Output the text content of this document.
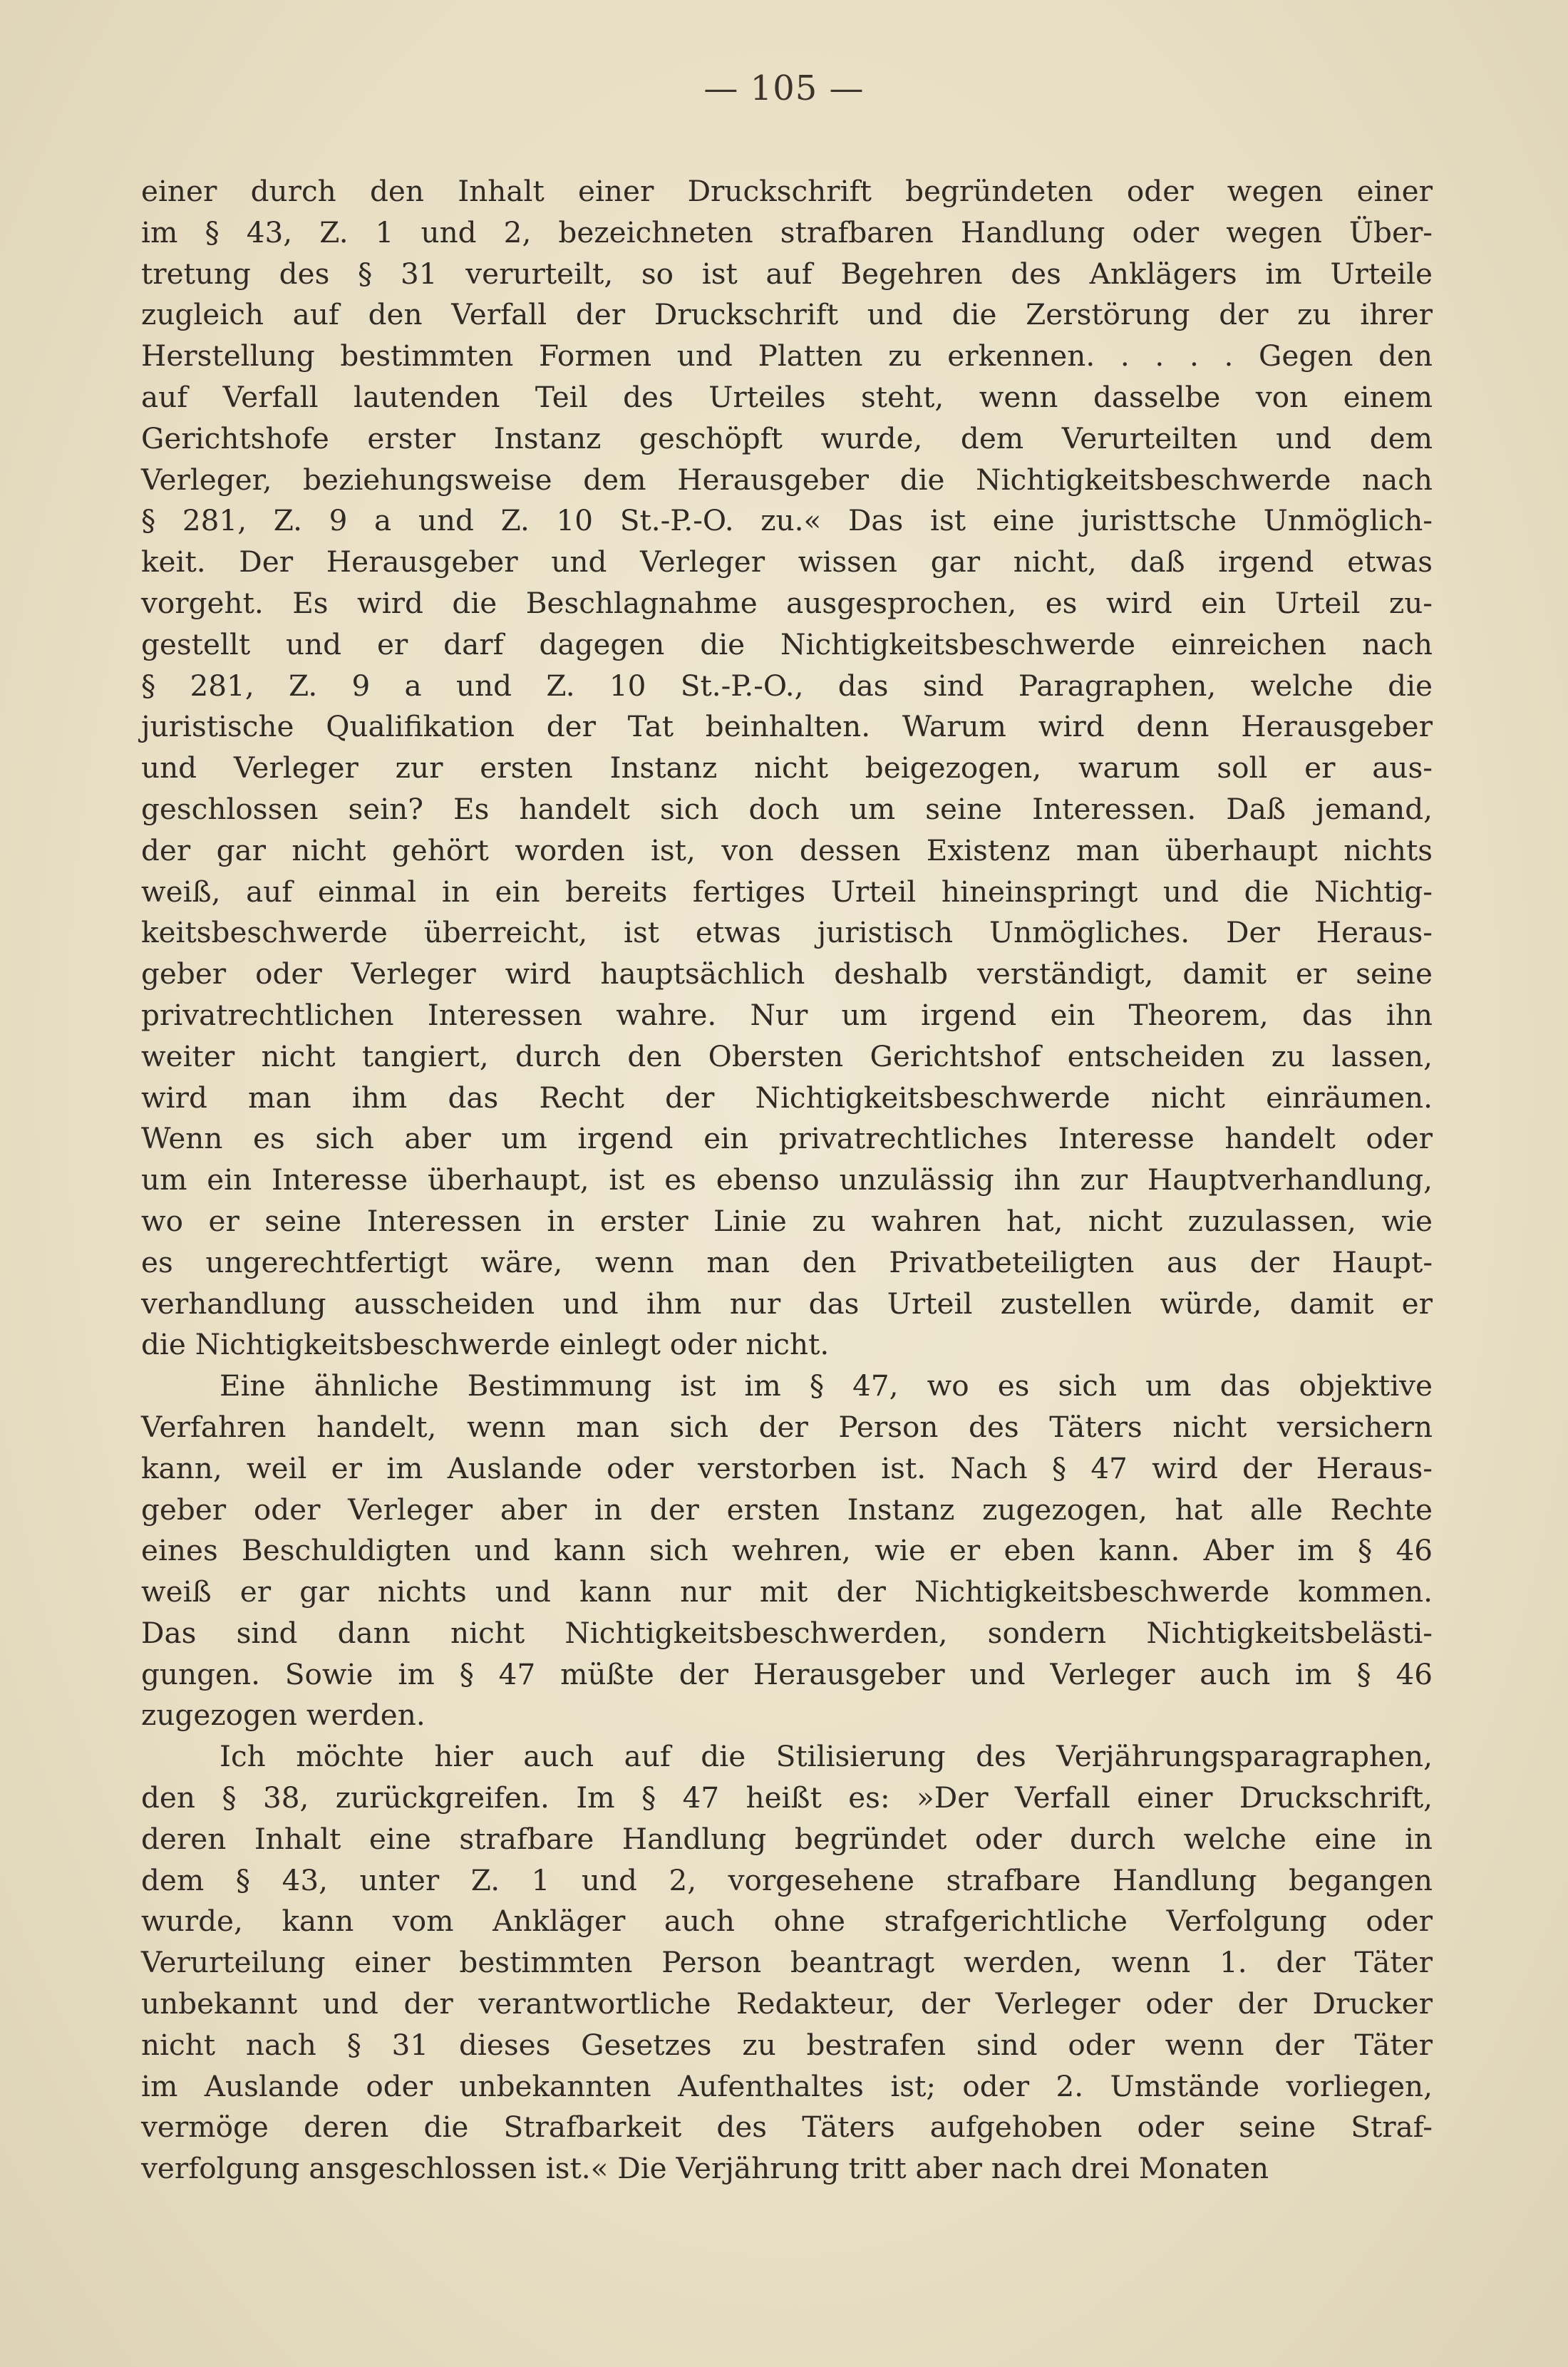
— 105 —
einer durch den Inhalt einer Druckschrift begründeten oder wegen einer
im § 43, Z. 1 und 2, bezeichneten strafbaren Handlung oder wegen Über-
tretung des § 31 verurteilt, so ist auf Begehren des Anklägers im Urteile
zugleich auf den Verfall der Druckschrift und die Zerstörung der zu ihrer
Herstellung bestimmten Formen und Platten zu erkennen. . . . . Gegen den
auf Verfall lautenden Teil des Urteiles steht, wenn dasselbe von einem
Gerichtshofe erster Instanz geschöpft wurde, dem Verurteilten und dem
Verleger, beziehungsweise dem Herausgeber die Nichtigkeitsbeschwerde nach
§ 281, Z. 9 a und Z. 10 St.-P.-O. zu.« Das ist eine juristtsche Unmöglich-
keit. Der Herausgeber und Verleger wissen gar nicht, daß irgend etwas
vorgeht. Es wird die Beschlagnahme ausgesprochen, es wird ein Urteil zu-
gestellt und er darf dagegen die Nichtigkeitsbeschwerde einreichen nach
§ 281, Z. 9 a und Z. 10 St.-P.-O., das sind Paragraphen, welche die
juristische Qualifikation der Tat beinhalten. Warum wird denn Herausgeber
und Verleger zur ersten Instanz nicht beigezogen, warum soll er aus-
geschlossen sein? Es handelt sich doch um seine Interessen. Daß jemand,
der gar nicht gehört worden ist, von dessen Existenz man überhaupt nichts
weiß, auf einmal in ein bereits fertiges Urteil hineinspringt und die Nichtig-
keitsbeschwerde überreicht, ist etwas juristisch Unmögliches. Der Heraus-
geber oder Verleger wird hauptsächlich deshalb verständigt, damit er seine
privatrechtlichen Interessen wahre. Nur um irgend ein Theorem, das ihn
weiter nicht tangiert, durch den Obersten Gerichtshof entscheiden zu lassen,
wird man ihm das Recht der Nichtigkeitsbeschwerde nicht einräumen.
Wenn es sich aber um irgend ein privatrechtliches Interesse handelt oder
um ein Interesse überhaupt, ist es ebenso unzulässig ihn zur Hauptverhandlung,
wo er seine Interessen in erster Linie zu wahren hat, nicht zuzulassen, wie
es ungerechtfertigt wäre, wenn man den Privatbeteiligten aus der Haupt-
verhandlung ausscheiden und ihm nur das Urteil zustellen würde, damit er
die Nichtigkeitsbeschwerde einlegt oder nicht.
Eine ähnliche Bestimmung ist im § 47, wo es sich um das objektive
Verfahren handelt, wenn man sich der Person des Täters nicht versichern
kann, weil er im Auslande oder verstorben ist. Nach § 47 wird der Heraus-
geber oder Verleger aber in der ersten Instanz zugezogen, hat alle Rechte
eines Beschuldigten und kann sich wehren, wie er eben kann. Aber im § 46
weiß er gar nichts und kann nur mit der Nichtigkeitsbeschwerde kommen.
Das sind dann nicht Nichtigkeitsbeschwerden, sondern Nichtigkeitsbelästi-
gungen. Sowie im § 47 müßte der Herausgeber und Verleger auch im § 46
zugezogen werden.
Ich möchte hier auch auf die Stilisierung des Verjährungsparagraphen,
den § 38, zurückgreifen. Im § 47 heißt es: »Der Verfall einer Druckschrift,
deren Inhalt eine strafbare Handlung begründet oder durch welche eine in
dem § 43, unter Z. 1 und 2, vorgesehene strafbare Handlung begangen
wurde, kann vom Ankläger auch ohne strafgerichtliche Verfolgung oder
Verurteilung einer bestimmten Person beantragt werden, wenn 1. der Täter
unbekannt und der verantwortliche Redakteur, der Verleger oder der Drucker
nicht nach § 31 dieses Gesetzes zu bestrafen sind oder wenn der Täter
im Auslande oder unbekannten Aufenthaltes ist; oder 2. Umstände vorliegen,
vermöge deren die Strafbarkeit des Täters aufgehoben oder seine Straf-
verfolgung ansgeschlossen ist.« Die Verjährung tritt aber nach drei Monaten
